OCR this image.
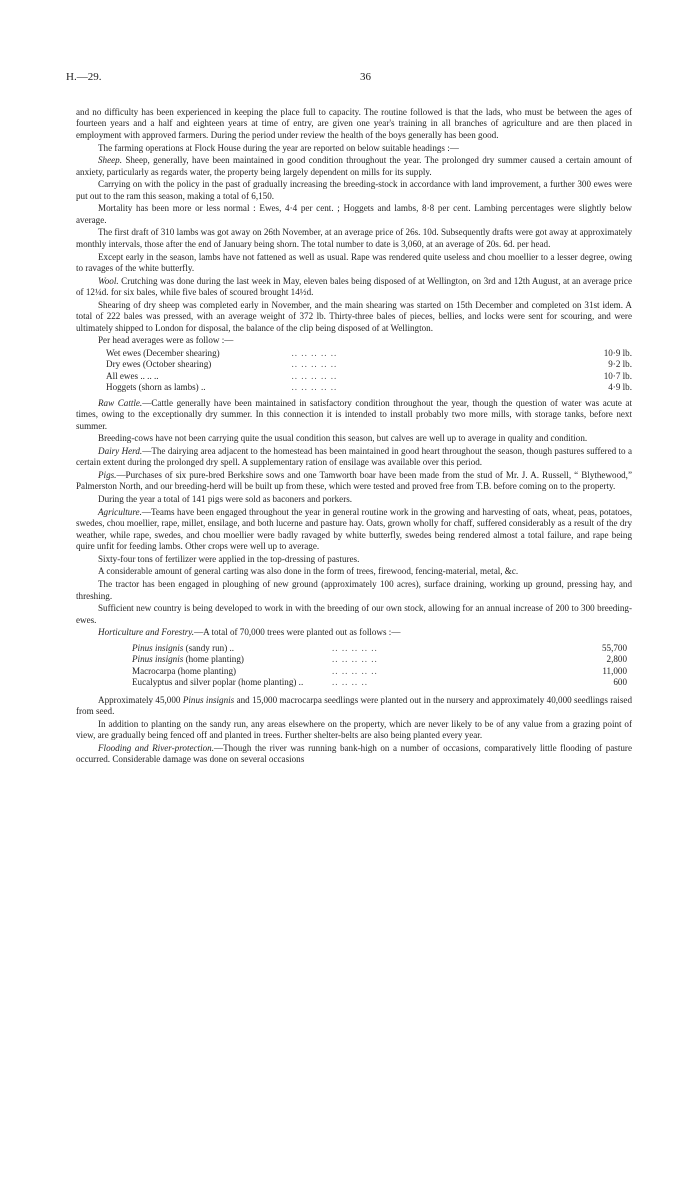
H.—29.	36

and no difficulty has been experienced in keeping the place full to capacity. The routine followed is that the lads, who must be between the ages of fourteen years and a half and eighteen years at time of entry, are given one year's training in all branches of agriculture and are then placed in employment with approved farmers. During the period under review the health of the boys generally has been good.

The farming operations at Flock House during the year are reported on below suitable headings :—

Sheep. Sheep, generally, have been maintained in good condition throughout the year. The prolonged dry summer caused a certain amount of anxiety, particularly as regards water, the property being largely dependent on mills for its supply.

Carrying on with the policy in the past of gradually increasing the breeding-stock in accordance with land improvement, a further 300 ewes were put out to the ram this season, making a total of 6,150.

Mortality has been more or less normal : Ewes, 4·4 per cent. ; Hoggets and lambs, 8·8 per cent. Lambing percentages were slightly below average.

The first draft of 310 lambs was got away on 26th November, at an average price of 26s. 10d. Subsequently drafts were got away at approximately monthly intervals, those after the end of January being shorn. The total number to date is 3,060, at an average of 20s. 6d. per head.

Except early in the season, lambs have not fattened as well as usual. Rape was rendered quite useless and chou moellier to a lesser degree, owing to ravages of the white butterfly.

Wool. Crutching was done during the last week in May, eleven bales being disposed of at Wellington, on 3rd and 12th August, at an average price of 12¼d. for six bales, while five bales of scoured brought 14½d.

Shearing of dry sheep was completed early in November, and the main shearing was started on 15th December and completed on 31st idem. A total of 222 bales was pressed, with an average weight of 372 lb. Thirty-three bales of pieces, bellies, and locks were sent for scouring, and were ultimately shipped to London for disposal, the balance of the clip being disposed of at Wellington.

Per head averages were as follow :—

Wet ewes (December shearing)	.. .. .. .. ..	10·9 lb.
Dry ewes (October shearing)	.. .. .. .. ..	9·2 lb.
All ewes .. .. ..	.. .. .. .. ..	10·7 lb.
Hoggets (shorn as lambs) ..	.. .. .. .. ..	4·9 lb.

Raw Cattle.—Cattle generally have been maintained in satisfactory condition throughout the year, though the question of water was acute at times, owing to the exceptionally dry summer. In this connection it is intended to install probably two more mills, with storage tanks, before next summer.

Breeding-cows have not been carrying quite the usual condition this season, but calves are well up to average in quality and condition.

Dairy Herd.—The dairying area adjacent to the homestead has been maintained in good heart throughout the season, though pastures suffered to a certain extent during the prolonged dry spell. A supplementary ration of ensilage was available over this period.

Pigs.—Purchases of six pure-bred Berkshire sows and one Tamworth boar have been made from the stud of Mr. J. A. Russell, “ Blythewood,” Palmerston North, and our breeding-herd will be built up from these, which were tested and proved free from T.B. before coming on to the property.

During the year a total of 141 pigs were sold as baconers and porkers.

Agriculture.—Teams have been engaged throughout the year in general routine work in the growing and harvesting of oats, wheat, peas, potatoes, swedes, chou moellier, rape, millet, ensilage, and both lucerne and pasture hay. Oats, grown wholly for chaff, suffered considerably as a result of the dry weather, while rape, swedes, and chou moellier were badly ravaged by white butterfly, swedes being rendered almost a total failure, and rape being quire unfit for feeding lambs. Other crops were well up to average.

Sixty-four tons of fertilizer were applied in the top-dressing of pastures.

A considerable amount of general carting was also done in the form of trees, firewood, fencing-material, metal, &c.

The tractor has been engaged in ploughing of new ground (approximately 100 acres), surface draining, working up ground, pressing hay, and threshing.

Sufficient new country is being developed to work in with the breeding of our own stock, allowing for an annual increase of 200 to 300 breeding-ewes.

Horticulture and Forestry.—A total of 70,000 trees were planted out as follows :—

Pinus insignis (sandy run) ..	.. .. .. .. ..	55,700
Pinus insignis (home planting)	.. .. .. .. ..	2,800
Macrocarpa (home planting)	.. .. .. .. ..	11,000
Eucalyptus and silver poplar (home planting) ..	.. .. .. ..	600

Approximately 45,000 Pinus insignis and 15,000 macrocarpa seedlings were planted out in the nursery and approximately 40,000 seedlings raised from seed.

In addition to planting on the sandy run, any areas elsewhere on the property, which are never likely to be of any value from a grazing point of view, are gradually being fenced off and planted in trees. Further shelter-belts are also being planted every year.

Flooding and River-protection.—Though the river was running bank-high on a number of occasions, comparatively little flooding of pasture occurred. Considerable damage was done on several occasions
